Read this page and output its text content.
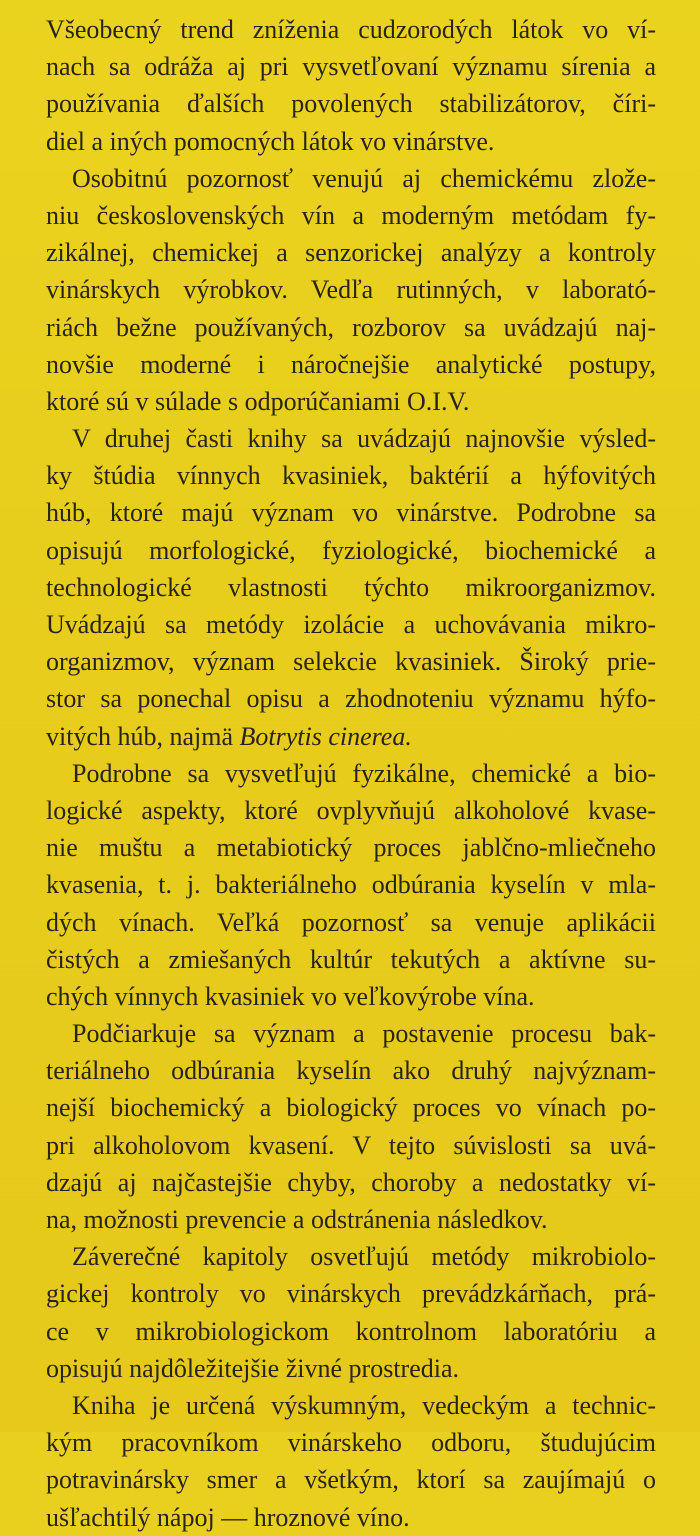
Všeobecný trend zníženia cudzorodých látok vo ví-
nach sa odráža aj pri vysvetľovaní významu sírenia a
používania ďalších povolených stabilizátorov, číri-
diel a iných pomocných látok vo vinárstve.
Osobitnú pozornosť venujú aj chemickému zlože-
niu československých vín a moderným metódam fy-
zikálnej, chemickej a senzorickej analýzy a kontroly
vinárskych výrobkov. Vedľa rutinných, v laborató-
riách bežne používaných, rozborov sa uvádzajú naj-
novšie moderné i náročnejšie analytické postupy,
ktoré sú v súlade s odporúčaniami O.I.V.
V druhej časti knihy sa uvádzajú najnovšie výsled-
ky štúdia vínnych kvasiniek, baktérií a hýfovitých
húb, ktoré majú význam vo vinárstve. Podrobne sa
opisujú morfologické, fyziologické, biochemické a
technologické vlastnosti týchto mikroorganizmov.
Uvádzajú sa metódy izolácie a uchovávania mikro-
organizmov, význam selekcie kvasiniek. Široký prie-
stor sa ponechal opisu a zhodnoteniu významu hýfo-
vitých húb, najmä Botrytis cinerea.
Podrobne sa vysvetľujú fyzikálne, chemické a bio-
logické aspekty, ktoré ovplyvňujú alkoholové kvase-
nie muštu a metabiotický proces jablčno-mliečneho
kvasenia, t. j. bakteriálneho odbúrania kyselín v mla-
dých vínach. Veľká pozornosť sa venuje aplikácii
čistých a zmiešaných kultúr tekutých a aktívne su-
chých vínnych kvasiniek vo veľkovýrobe vína.
Podčiarkuje sa význam a postavenie procesu bak-
teriálneho odbúrania kyselín ako druhý najvýznam-
nejší biochemický a biologický proces vo vínach po-
pri alkoholovom kvasení. V tejto súvislosti sa uvá-
dzajú aj najčastejšie chyby, choroby a nedostatky ví-
na, možnosti prevencie a odstránenia následkov.
Záverečné kapitoly osvetľujú metódy mikrobiolo-
gickej kontroly vo vinárskych prevádzkárňach, prá-
ce v mikrobiologickom kontrolnom laboratóriu a
opisujú najdôležitejšie živné prostredia.
Kniha je určená výskumným, vedeckým a technic-
kým pracovníkom vinárskeho odboru, študujúcim
potravinársky smer a všetkým, ktorí sa zaujímajú o
ušľachtilý nápoj — hroznové víno.
